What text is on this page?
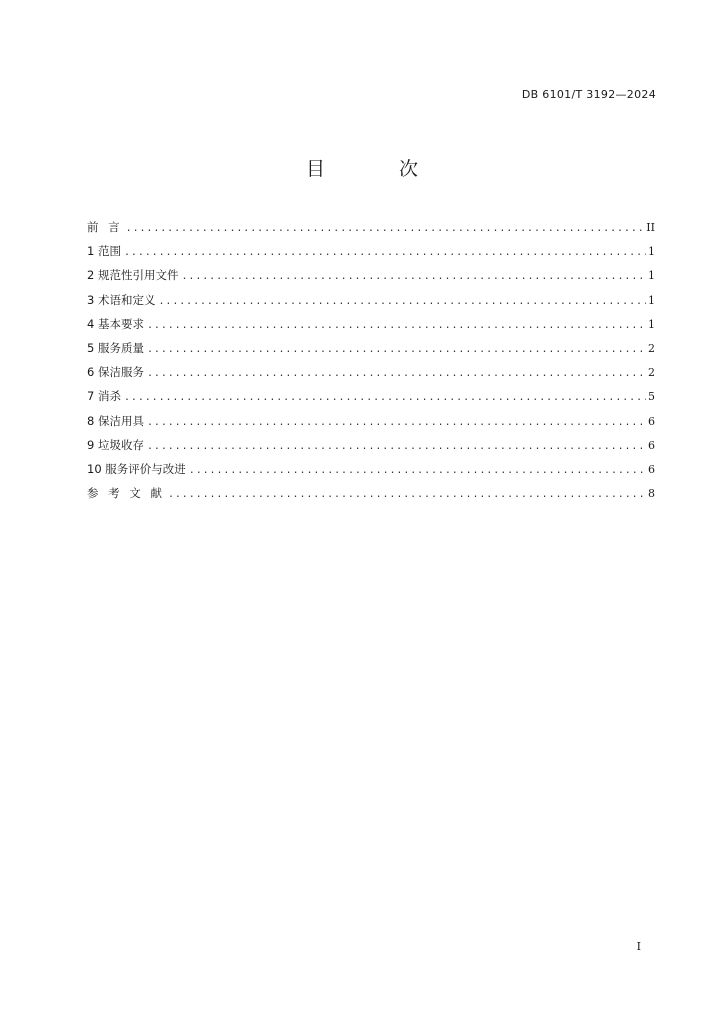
DB 6101/T 3192—2024
目 次
前 言 .....	II
1 范围 .....	1
2 规范性引用文件 .....	1
3 术语和定义 .....	1
4 基本要求 .....	1
5 服务质量 .....	2
6 保洁服务 .....	2
7 消杀 .....	5
8 保洁用具 .....	6
9 垃圾收存 .....	6
10 服务评价与改进 .....	6
参 考 文 献 .....	8
I
